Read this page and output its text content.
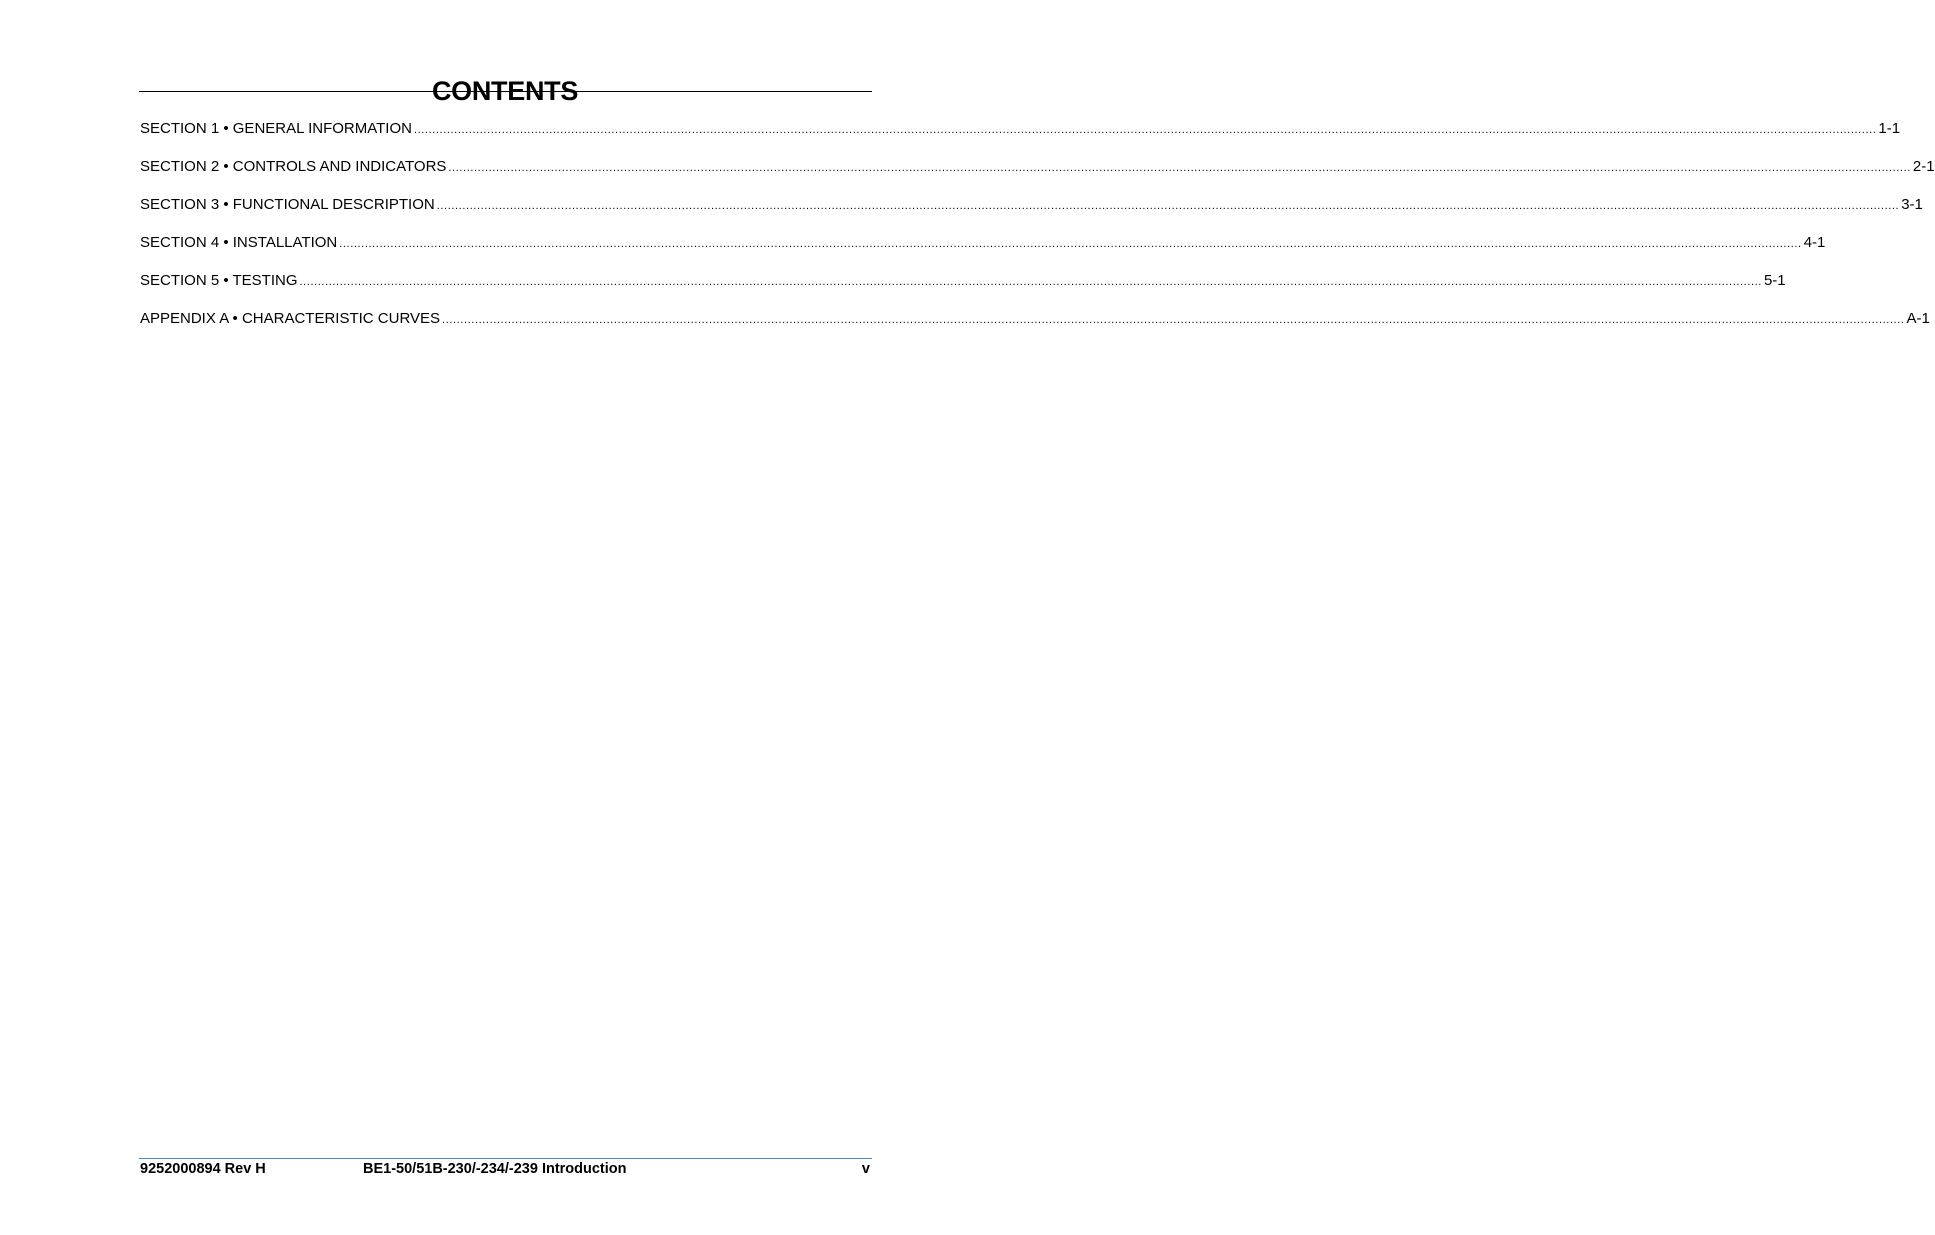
CONTENTS
SECTION 1 • GENERAL INFORMATION ................................................................................................................................................................................................................................................................................................................................................................................................................ 1-1
SECTION 2 • CONTROLS AND INDICATORS ................................................................................................................................................................................................................................................................................................................................................................................................................ 2-1
SECTION 3 • FUNCTIONAL DESCRIPTION ................................................................................................................................................................................................................................................................................................................................................................................................................ 3-1
SECTION 4 • INSTALLATION ................................................................................................................................................................................................................................................................................................................................................................................................................ 4-1
SECTION 5 • TESTING ................................................................................................................................................................................................................................................................................................................................................................................................................ 5-1
APPENDIX A • CHARACTERISTIC CURVES ................................................................................................................................................................................................................................................................................................................................................................................................................ A-1
9252000894 Rev H	BE1-50/51B-230/-234/-239 Introduction	v
